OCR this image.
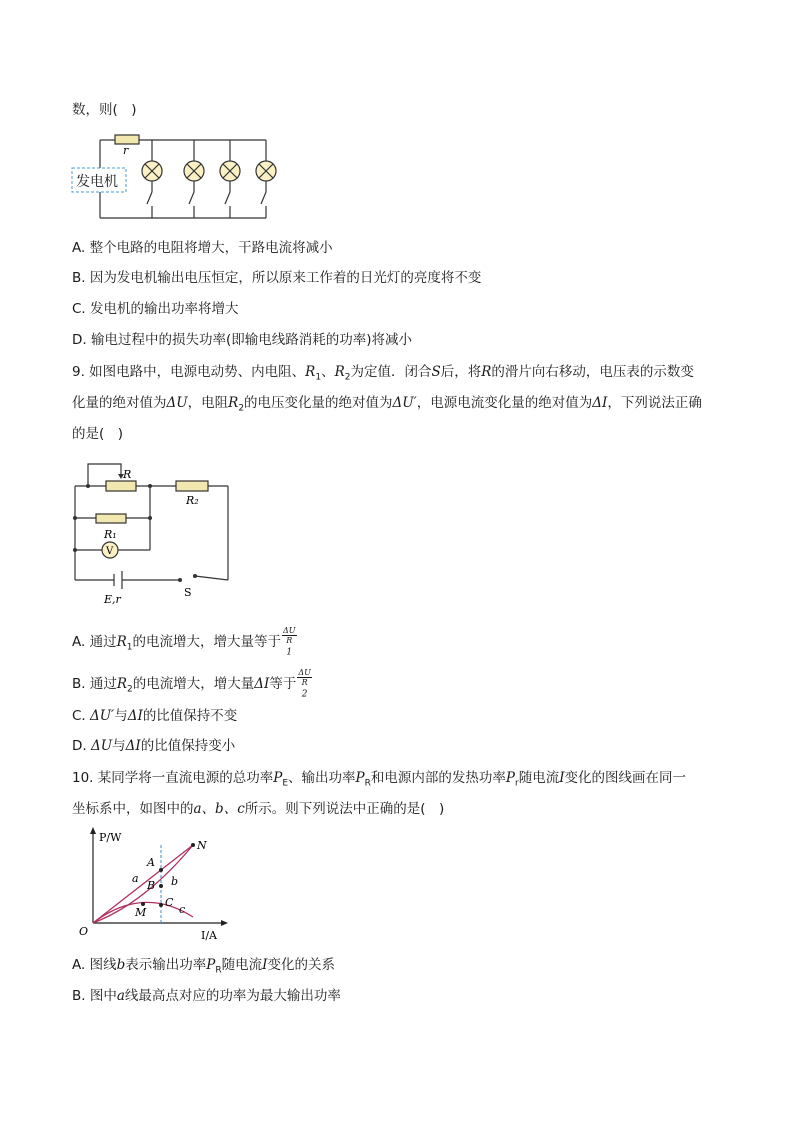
数，则(　)
发电机
r
A. 整个电路的电阻将增大，干路电流将减小
B. 因为发电机输出电压恒定，所以原来工作着的日光灯的亮度将不变
C. 发电机的输出功率将增大
D. 输电过程中的损失功率(即输电线路消耗的功率)将减小
9. 如图电路中，电源电动势、内电阻、$R_1$、$R_2$为定值．闭合S后，将R的滑片向右移动，电压表的示数变
化量的绝对值为ΔU，电阻$R_2$的电压变化量的绝对值为ΔU′，电源电流变化量的绝对值为ΔI，下列说法正确
的是(　)
R
R₂
R₁
V
E,r
S
A. 通过$R_1$的电流增大，增大量等于 ΔU
R
$_1$
B. 通过$R_2$的电流增大，增大量ΔI等于 ΔU
R
$_2$
C. ΔU′与ΔI的比值保持不变
D. ΔU与ΔI的比值保持变小
10. 某同学将一直流电源的总功率$P_E$、输出功率$P_R$和电源内部的发热功率$P_r$随电流I变化的图线画在同一
坐标系中，如图中的a、b、c所示。则下列说法中正确的是(　)
P/W
I/A
O
A
B
C
M
N
a	b
c
A. 图线b表示输出功率$P_R$随电流I变化的关系
B. 图中a线最高点对应的功率为最大输出功率
